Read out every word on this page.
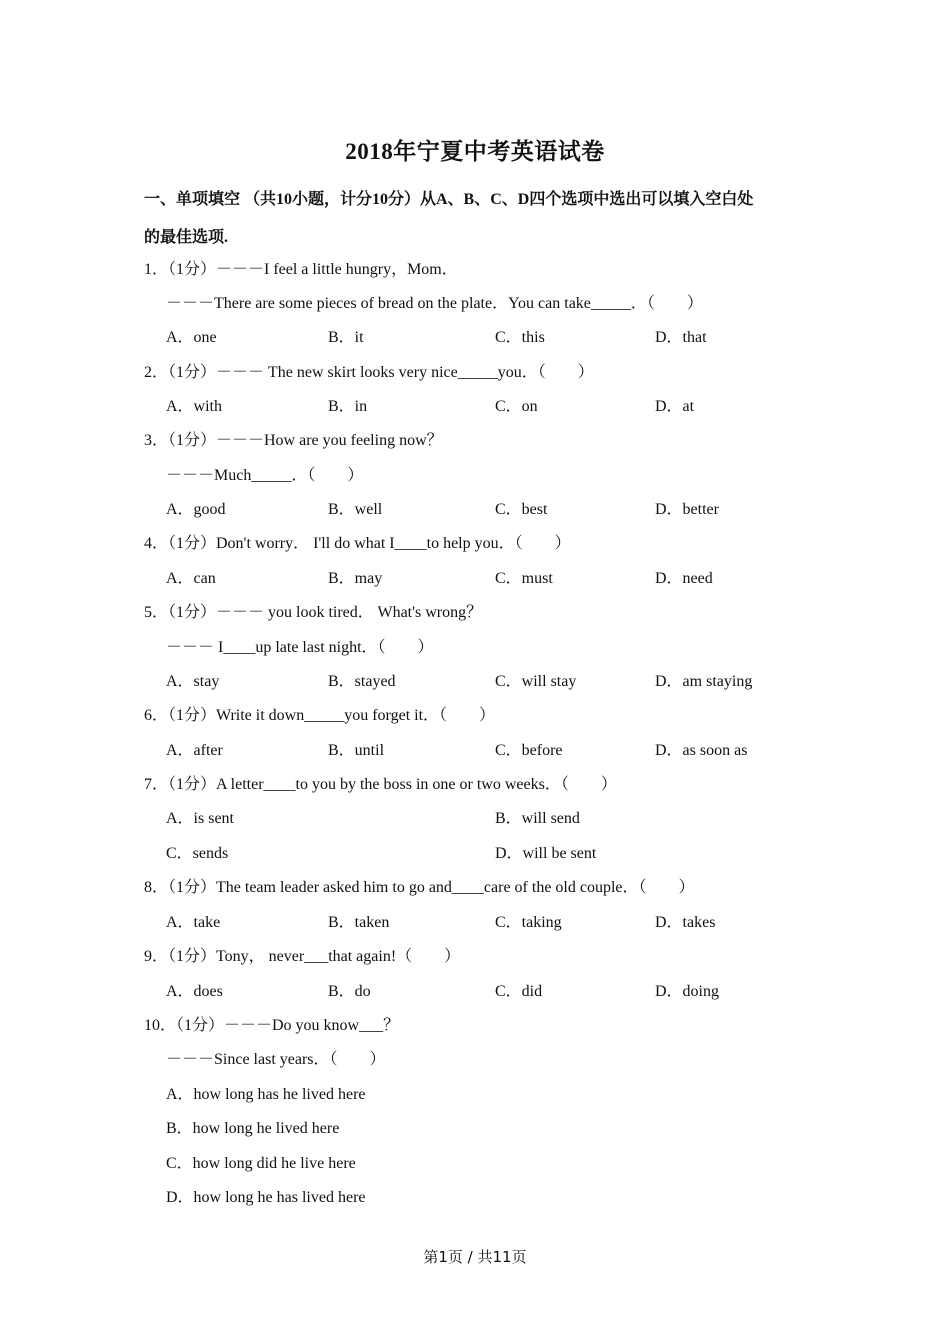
2018年宁夏中考英语试卷
一、单项填空 （共10小题，计分10分）从A、B、C、D四个选项中选出可以填入空白处
的最佳选项.
1．（1分）－－－I feel a little hungry，Mom．
－－－There are some pieces of bread on the plate．You can take_____．（　　）
A．one	B．it	C．this	D．that
2．（1分）－－－ The new skirt looks very nice_____you．（　　）
A．with	B．in	C．on	D．at
3．（1分）－－－How are you feeling now？
－－－Much_____．（　　）
A．good	B．well	C．best	D．better
4．（1分）Don't worry． I'll do what I____to help you．（　　）
A．can	B．may	C．must	D．need
5．（1分）－－－ you look tired． What's wrong？
－－－ I____up late last night．（　　）
A．stay	B．stayed	C．will stay	D．am staying
6．（1分）Write it down_____you forget it．（　　）
A．after	B．until	C．before	D．as soon as
7．（1分）A letter____to you by the boss in one or two weeks．（　　）
A．is sent	B．will send
C．sends	D．will be sent
8．（1分）The team leader asked him to go and____care of the old couple．（　　）
A．take	B．taken	C．taking	D．takes
9．（1分）Tony， never___that again!（　　）
A．does	B．do	C．did	D．doing
10．（1分）－－－Do you know___？
－－－Since last years．（　　）
A．how long has he lived here
B．how long he lived here
C．how long did he live here
D．how long he has lived here
第1页 / 共11页
